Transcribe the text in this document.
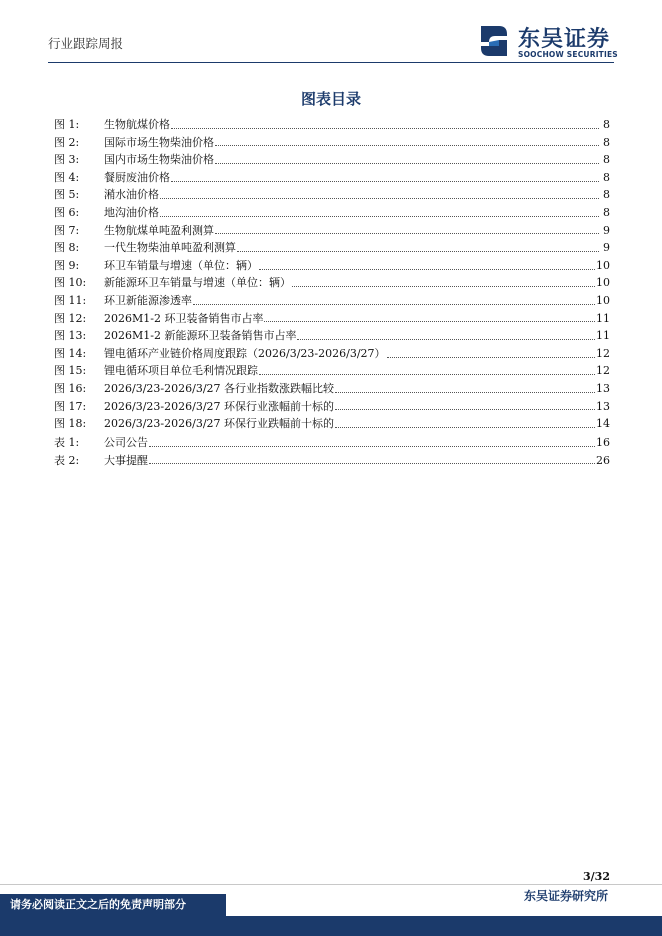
行业跟踪周报	东吴证券
SOOCHOW SECURITIES
图表目录
图 1:	生物航煤价格	8
图 2:	国际市场生物柴油价格	8
图 3:	国内市场生物柴油价格	8
图 4:	餐厨废油价格	8
图 5:	潲水油价格	8
图 6:	地沟油价格	8
图 7:	生物航煤单吨盈利测算	9
图 8:	一代生物柴油单吨盈利测算	9
图 9:	环卫车销量与增速（单位：辆）	10
图 10:	新能源环卫车销量与增速（单位：辆）	10
图 11:	环卫新能源渗透率	10
图 12:	2026M1-2 环卫装备销售市占率	11
图 13:	2026M1-2 新能源环卫装备销售市占率	11
图 14:	锂电循环产业链价格周度跟踪（2026/3/23-2026/3/27）	12
图 15:	锂电循环项目单位毛利情况跟踪	12
图 16:	2026/3/23-2026/3/27 各行业指数涨跌幅比较	13
图 17:	2026/3/23-2026/3/27 环保行业涨幅前十标的	13
图 18:	2026/3/23-2026/3/27 环保行业跌幅前十标的	14
表 1:	公司公告	16
表 2:	大事提醒	26
3/32
请务必阅读正文之后的免责声明部分
东吴证券研究所
